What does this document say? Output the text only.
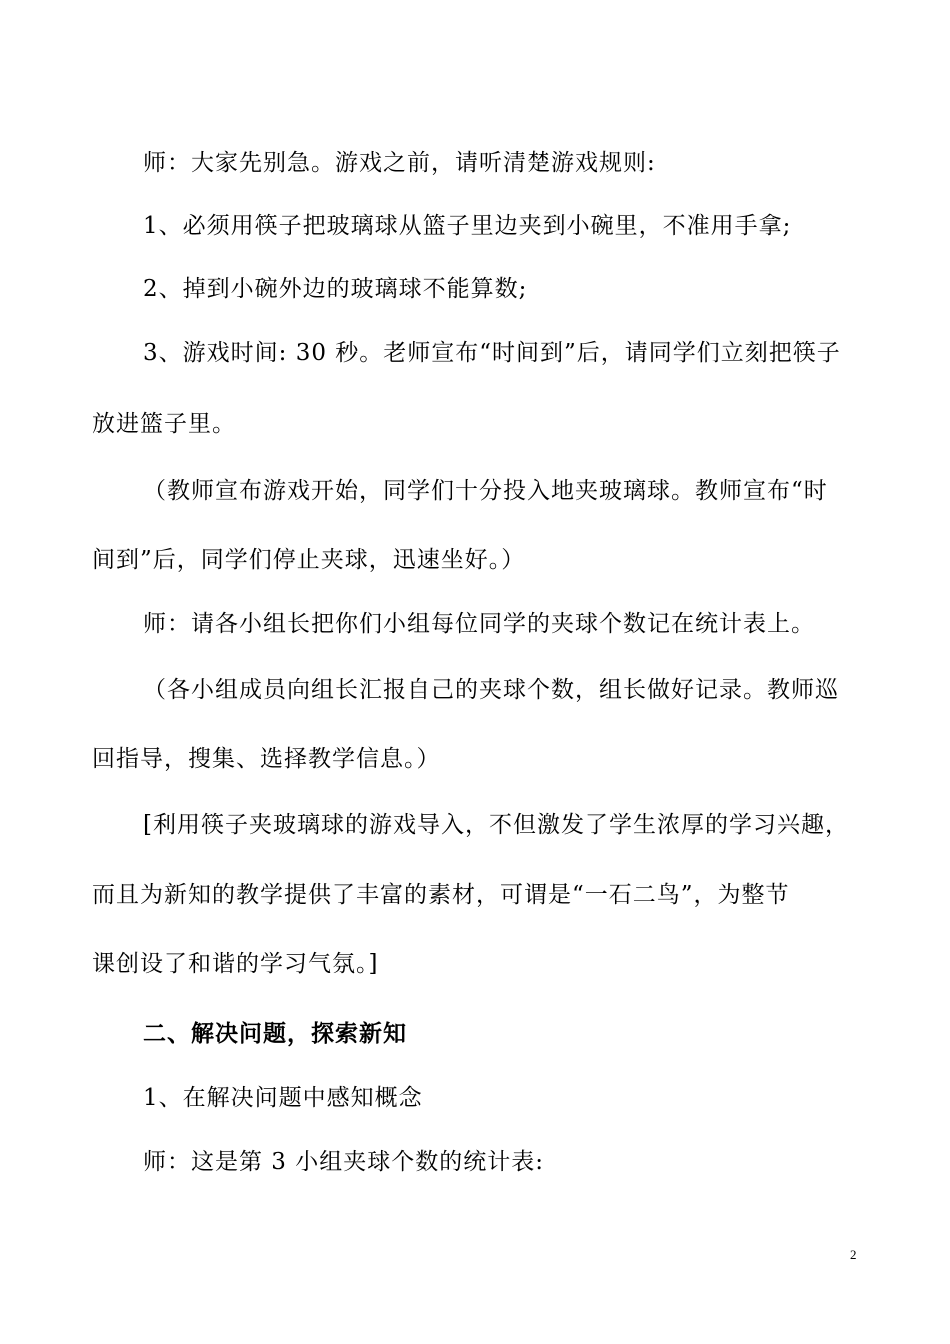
师：大家先别急。游戏之前，请听清楚游戏规则:
1、必须用筷子把玻璃球从篮子里边夹到小碗里，不准用手拿;
2、掉到小碗外边的玻璃球不能算数;
3、游戏时间: 30 秒。老师宣布“时间到”后，请同学们立刻把筷子
放进篮子里。
（教师宣布游戏开始，同学们十分投入地夹玻璃球。教师宣布“时
间到”后，同学们停止夹球，迅速坐好。）
师：请各小组长把你们小组每位同学的夹球个数记在统计表上。
（各小组成员向组长汇报自己的夹球个数，组长做好记录。教师巡
回指导，搜集、选择教学信息。）
[利用筷子夹玻璃球的游戏导入，不但激发了学生浓厚的学习兴趣，
而且为新知的教学提供了丰富的素材，可谓是“一石二鸟”，为整节
课创设了和谐的学习气氛。]
二、解决问题，探索新知
1、在解决问题中感知概念
师：这是第 3 小组夹球个数的统计表:
2
